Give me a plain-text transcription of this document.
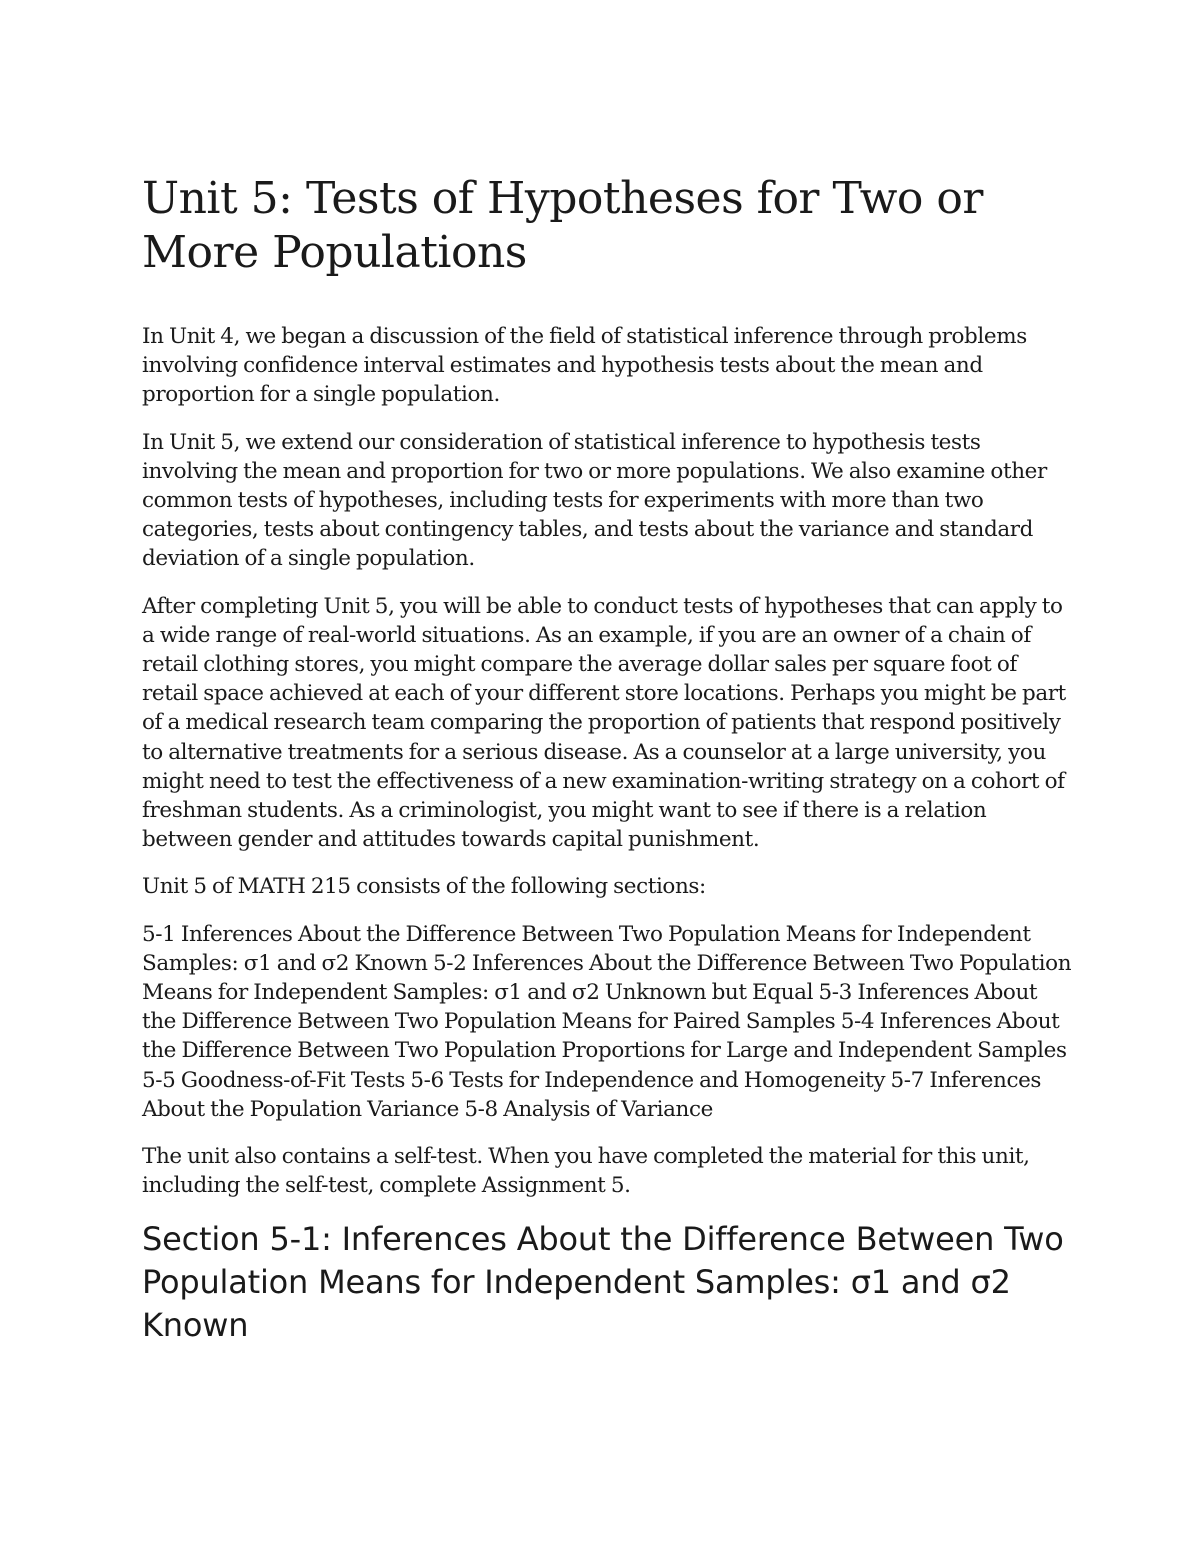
Unit 5: Tests of Hypotheses for Two or More Populations

In Unit 4, we began a discussion of the field of statistical inference through problems involving confidence interval estimates and hypothesis tests about the mean and proportion for a single population.

In Unit 5, we extend our consideration of statistical inference to hypothesis tests involving the mean and proportion for two or more populations. We also examine other common tests of hypotheses, including tests for experiments with more than two categories, tests about contingency tables, and tests about the variance and standard deviation of a single population.

After completing Unit 5, you will be able to conduct tests of hypotheses that can apply to a wide range of real-world situations. As an example, if you are an owner of a chain of retail clothing stores, you might compare the average dollar sales per square foot of retail space achieved at each of your different store locations. Perhaps you might be part of a medical research team comparing the proportion of patients that respond positively to alternative treatments for a serious disease. As a counselor at a large university, you might need to test the effectiveness of a new examination-writing strategy on a cohort of freshman students. As a criminologist, you might want to see if there is a relation between gender and attitudes towards capital punishment.

Unit 5 of MATH 215 consists of the following sections:

5-1 Inferences About the Difference Between Two Population Means for Independent Samples: σ1 and σ2 Known 5-2 Inferences About the Difference Between Two Population Means for Independent Samples: σ1 and σ2 Unknown but Equal 5-3 Inferences About the Difference Between Two Population Means for Paired Samples 5-4 Inferences About the Difference Between Two Population Proportions for Large and Independent Samples 5-5 Goodness-of-Fit Tests 5-6 Tests for Independence and Homogeneity 5-7 Inferences About the Population Variance 5-8 Analysis of Variance

The unit also contains a self-test. When you have completed the material for this unit, including the self-test, complete Assignment 5.

Section 5-1: Inferences About the Difference Between Two Population Means for Independent Samples: σ1 and σ2 Known
